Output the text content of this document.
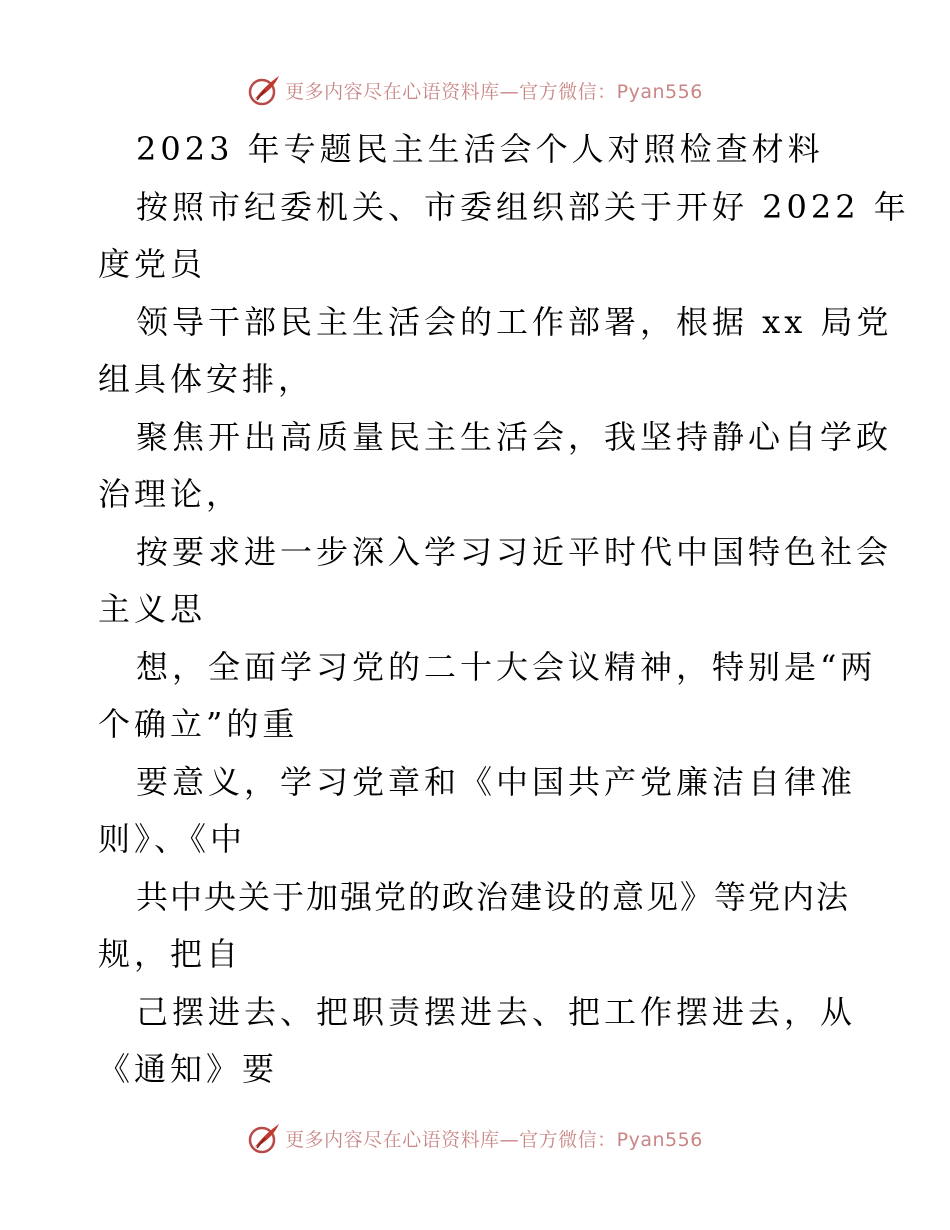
更多内容尽在心语资料库—官方微信：Pyan556
2023 年专题民主生活会个人对照检查材料
按照市纪委机关、市委组织部关于开好 2022 年
度党员
领导干部民主生活会的工作部署，根据 xx 局党
组具体安排，
聚焦开出高质量民主生活会，我坚持静心自学政
治理论，
按要求进一步深入学习习近平时代中国特色社会
主义思
想，全面学习党的二十大会议精神，特别是“两
个确立”的重
要意义，学习党章和《中国共产党廉洁自律准
则》、《中
共中央关于加强党的政治建设的意见》等党内法
规，把自
己摆进去、把职责摆进去、把工作摆进去，从
《通知》要
更多内容尽在心语资料库—官方微信：Pyan556
